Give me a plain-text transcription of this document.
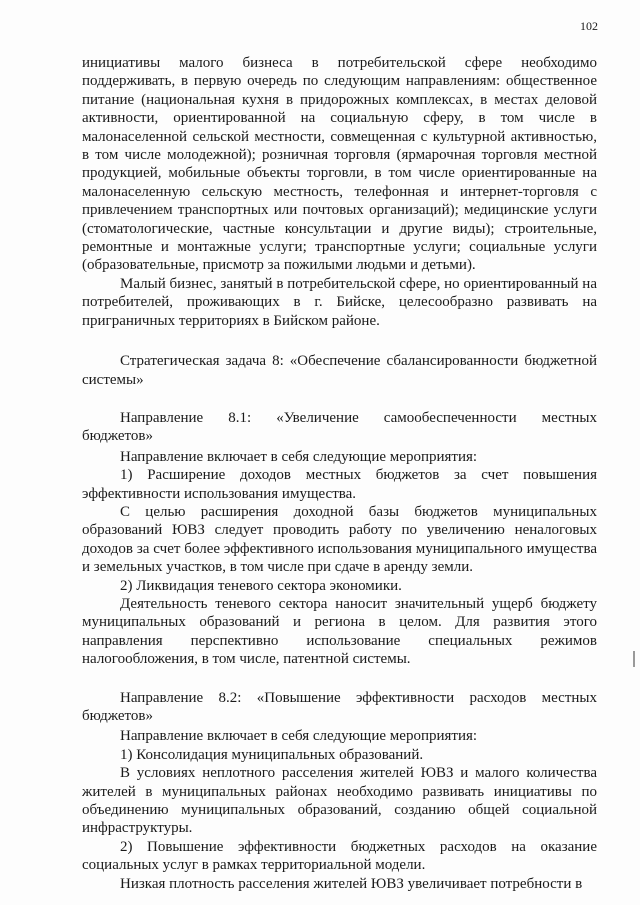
102

инициативы малого бизнеса в потребительской сфере необходимо поддерживать, в первую очередь по следующим направлениям: общественное питание (национальная кухня в придорожных комплексах, в местах деловой активности, ориентированной на социальную сферу, в том числе в малонаселенной сельской местности, совмещенная с культурной активностью, в том числе молодежной); розничная торговля (ярмарочная торговля местной продукцией, мобильные объекты торговли, в том числе ориентированные на малонаселенную сельскую местность, телефонная и интернет-торговля с привлечением транспортных или почтовых организаций); медицинские услуги (стоматологические, частные консультации и другие виды); строительные, ремонтные и монтажные услуги; транспортные услуги; социальные услуги (образовательные, присмотр за пожилыми людьми и детьми).

Малый бизнес, занятый в потребительской сфере, но ориентированный на потребителей, проживающих в г. Бийске, целесообразно развивать на приграничных территориях в Бийском районе.

Стратегическая задача 8: «Обеспечение сбалансированности бюджетной системы»

Направление 8.1: «Увеличение самообеспеченности местных бюджетов»

Направление включает в себя следующие мероприятия:

1) Расширение доходов местных бюджетов за счет повышения эффективности использования имущества.

С целью расширения доходной базы бюджетов муниципальных образований ЮВЗ следует проводить работу по увеличению неналоговых доходов за счет более эффективного использования муниципального имущества и земельных участков, в том числе при сдаче в аренду земли.

2) Ликвидация теневого сектора экономики.

Деятельность теневого сектора наносит значительный ущерб бюджету муниципальных образований и региона в целом. Для развития этого направления перспективно использование специальных режимов налогообложения, в том числе, патентной системы.

Направление 8.2: «Повышение эффективности расходов местных бюджетов»

Направление включает в себя следующие мероприятия:

1) Консолидация муниципальных образований.

В условиях неплотного расселения жителей ЮВЗ и малого количества жителей в муниципальных районах необходимо развивать инициативы по объединению муниципальных образований, созданию общей социальной инфраструктуры.

2) Повышение эффективности бюджетных расходов на оказание социальных услуг в рамках территориальной модели.

Низкая плотность расселения жителей ЮВЗ увеличивает потребности в
